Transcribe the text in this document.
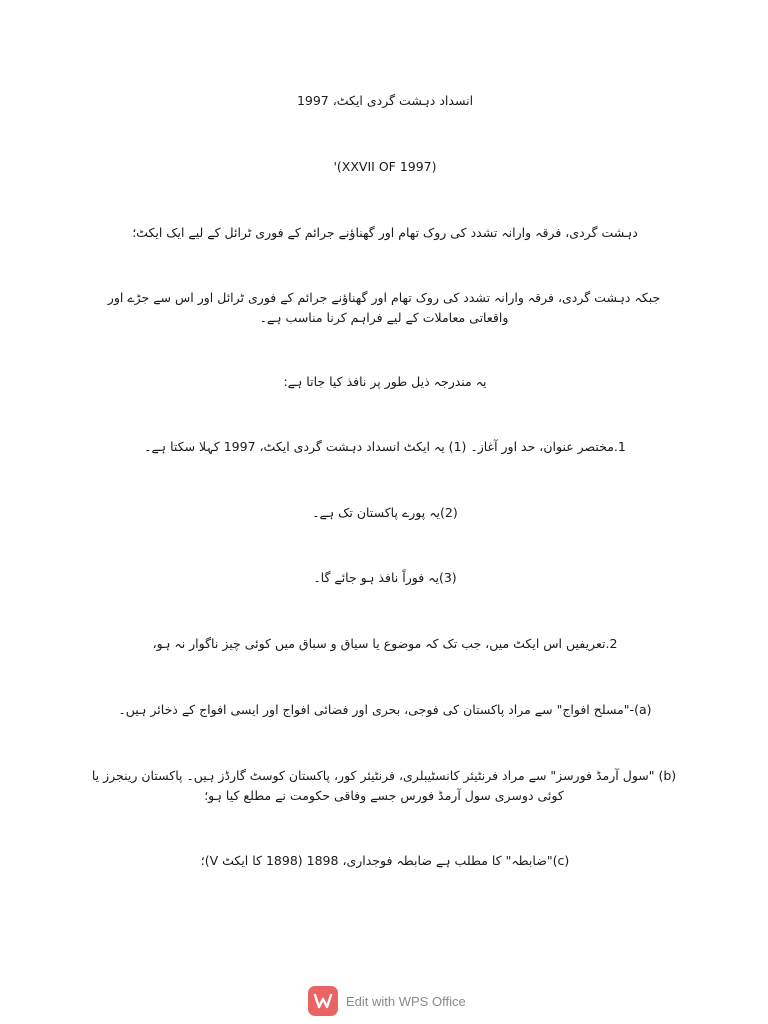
انسداد دہشت گردی ایکٹ، 1997
'(XXVII OF 1997)
دہشت گردی، فرقہ وارانہ تشدد کی روک تھام اور گھناؤنے جرائم کے فوری ٹرائل کے لیے ایک ایکٹ؛
جبکہ دہشت گردی، فرقہ وارانہ تشدد کی روک تھام اور گھناؤنے جرائم کے فوری ٹرائل اور اس سے جڑے اور واقعاتی معاملات کے لیے فراہم کرنا مناسب ہے۔
یہ مندرجہ ذیل طور پر نافذ کیا جاتا ہے:
1.مختصر عنوان، حد اور آغاز۔ (1) یہ ایکٹ انسداد دہشت گردی ایکٹ، 1997 کہلا سکتا ہے۔
(2)یہ پورے پاکستان تک ہے۔
(3)یہ فوراً نافذ ہو جائے گا۔
2.تعریفیں اس ایکٹ میں، جب تک کہ موضوع یا سیاق و سباق میں کوئی چیز ناگوار نہ ہو،
(a)-"مسلح افواج" سے مراد پاکستان کی فوجی، بحری اور فضائی افواج اور ایسی افواج کے ذخائر ہیں۔
(b) "سول آرمڈ فورسز" سے مراد فرنٹیئر کانسٹیبلری، فرنٹیئر کور، پاکستان کوسٹ گارڈز ہیں۔ پاکستان رینجرز یا کوئی دوسری سول آرمڈ فورس جسے وفاقی حکومت نے مطلع کیا ہو؛
(c)"ضابطہ" کا مطلب ہے ضابطہ فوجداری، 1898 (1898 کا ایکٹ V)؛
Edit with WPS Office
